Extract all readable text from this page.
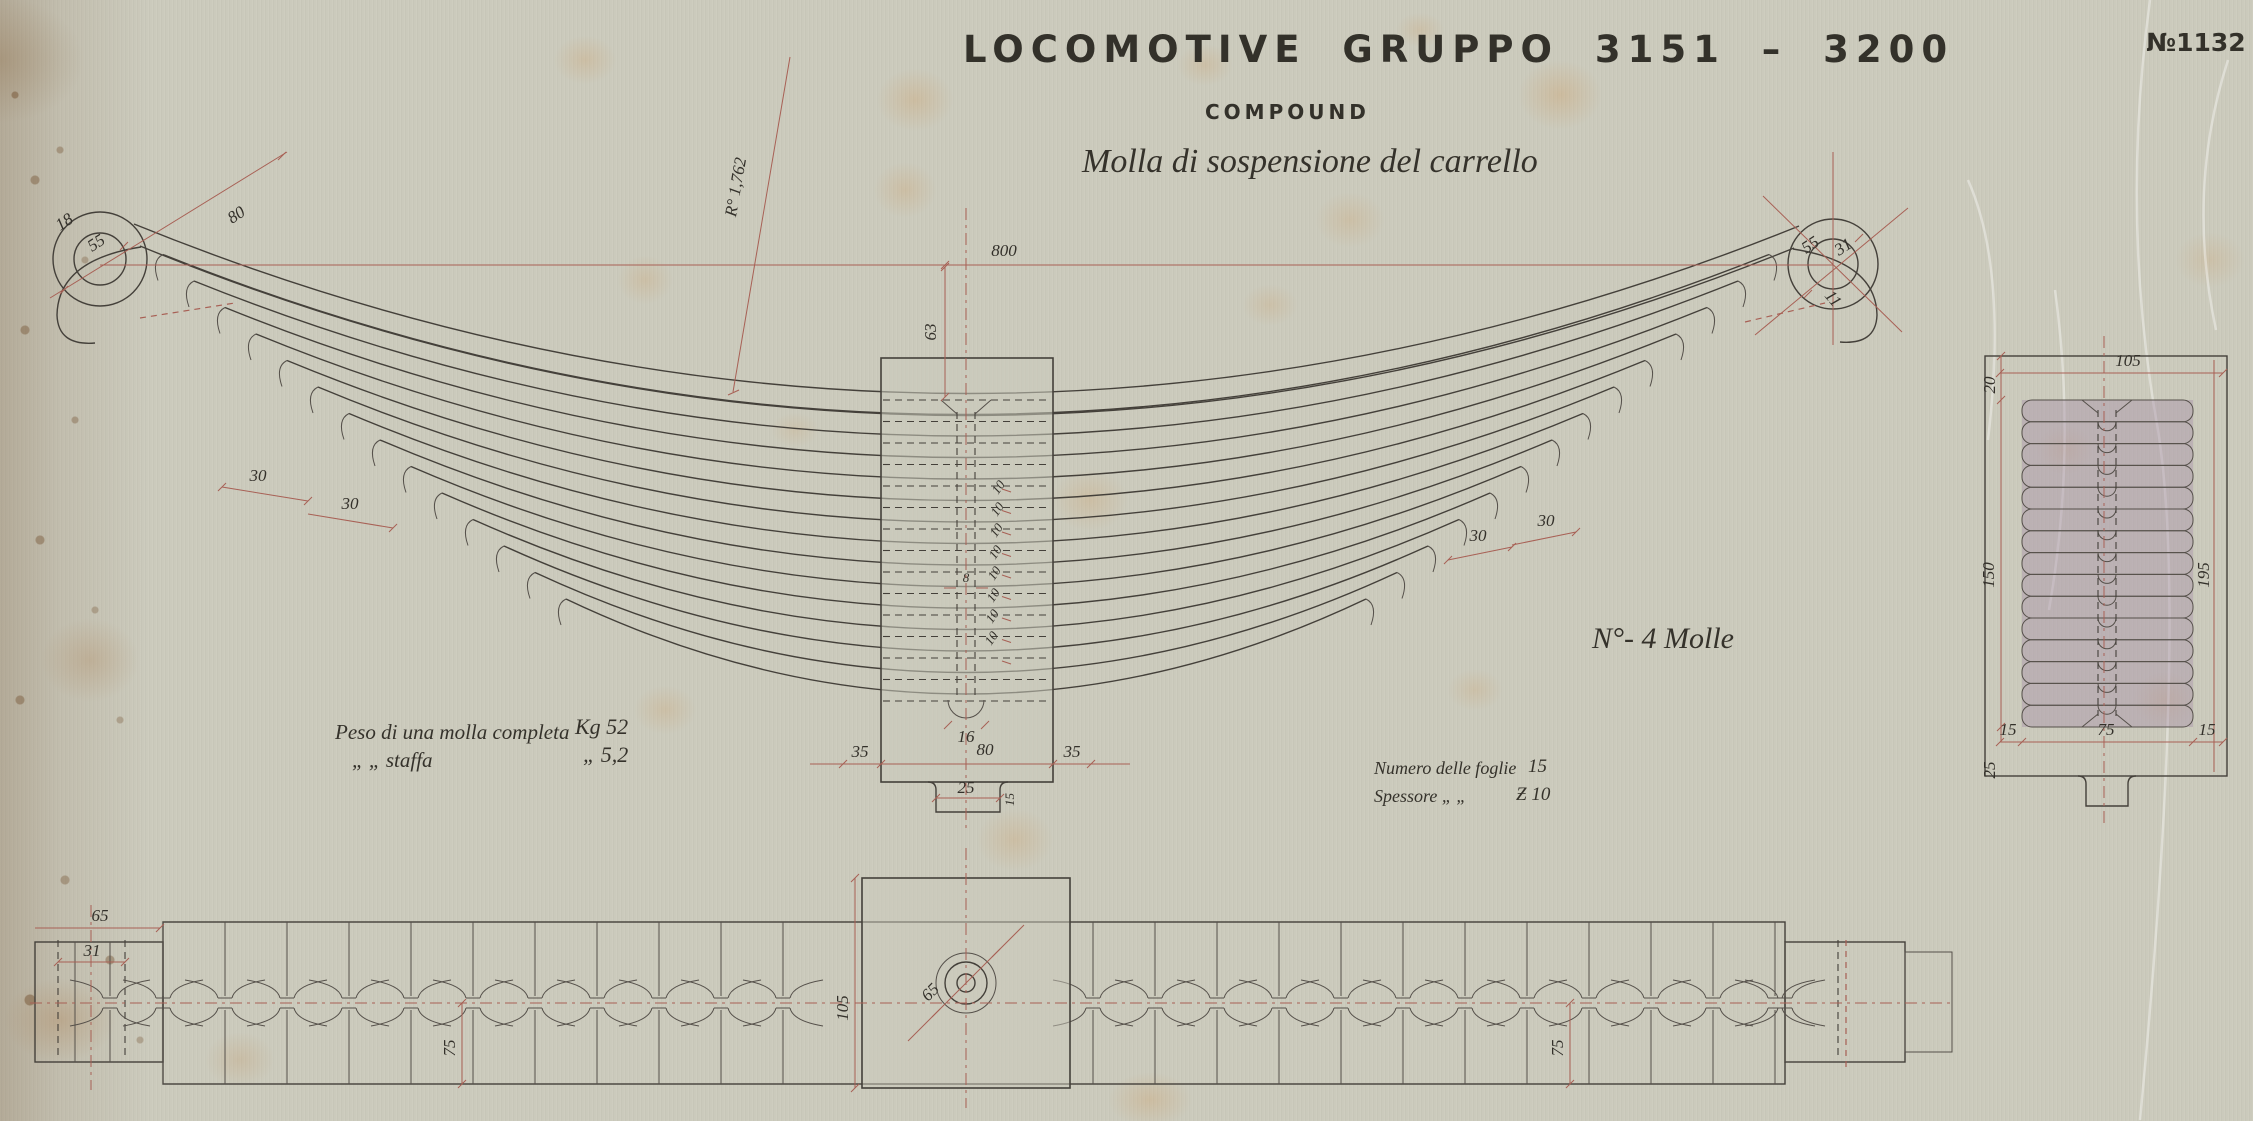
LOCOMOTIVE GRUPPO 3151 – 3200
COMPOUND
Molla di sospensione del carrello
№1132
Peso di una molla completa Kg 52
„ „ staffa	„ 5,2
N°- 4 Molle
Numero delle foglie 15
Spessore „ „	Ƶ 10
800
63
R° 1,762
18
55
80
55 31
11
30
30
30
30
35	80	35
25
15
8
16
10
10
10
10
10
10
10
10
105
20
150	195
15	75	15
25
65
65
31
105
75	75
